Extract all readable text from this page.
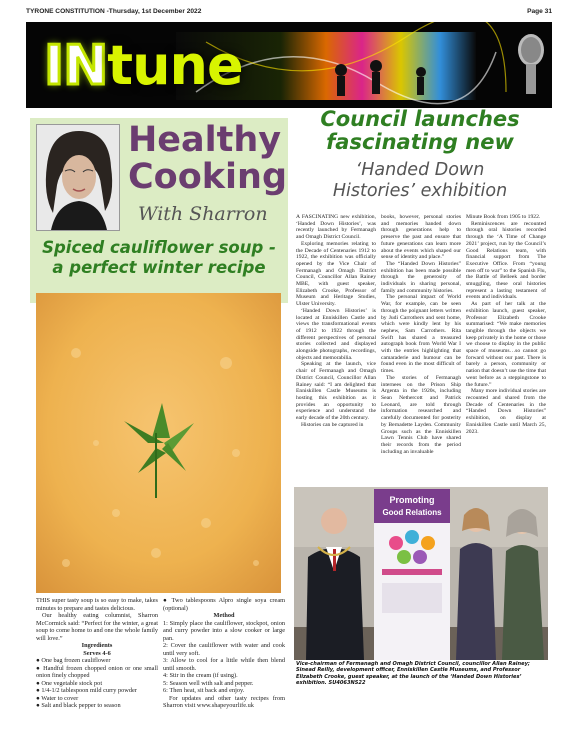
TYRONE CONSTITUTION -Thursday, 1st December 2022	Page 31
INtune
Healthy
Cooking
With Sharron
Spiced cauliflower soup -
a perfect winter recipe

THIS super tasty soup is so easy to make, takes minutes to prepare and tastes delicious.

Our healthy eating columnist, Sharron McCormick said: “Perfect for the winter, a great soup to come home to and one the whole family will love.”

Ingredients

Serves 4-6

● One bag frozen cauliflower

● Handful frozen chopped onion or one small onion finely chopped

● One vegetable stock pot

● 1/4-1/2 tablespoon mild curry powder

● Water to cover

● Salt and black pepper to season

● Two tablespoons Alpro single soya cream (optional)

Method

1: Simply place the cauliflower, stockpot, onion and curry powder into a slow cooker or large pan.

2: Cover the cauliflower with water and cook until very soft.

3: Allow to cool for a little while then blend until smooth.

4: Stir in the cream (if using).

5: Season well with salt and pepper.

6: Then heat, sit back and enjoy.

For updates and other tasty recipes from Sharron visit www.shapeyourlife.uk

Council launches
fascinating new
‘Handed Down
Histories’ exhibition

A FASCINATING new exhibition, ‘Handed Down Histories’, was recently launched by Fermanagh and Omagh District Council.

Exploring memories relating to the Decade of Centenaries 1912 to 1922, the exhibition was officially opened by the Vice Chair of Fermanagh and Omagh District Council, Councillor Allan Rainey MBE, with guest speaker, Elizabeth Crooke, Professor of Museum and Heritage Studies, Ulster University.

‘Handed Down Histories’ is located at Enniskillen Castle and views the transformational events of 1912 to 1922 through the different perspectives of personal stories collected and displayed alongside photographs, recordings, objects and memorabilia.

Speaking at the launch, vice chair of Fermanagh and Omagh District Council, Councillor Allan Rainey said: “I am delighted that Enniskillen Castle Museums is hosting this exhibition as it provides an opportunity to experience and understand the early decade of the 20th century.

Histories can be captured in

books, however, personal stories and memories handed down through generations help to preserve the past and ensure that future generations can learn more about the events which shaped our sense of identity and place.”

The “Handed Down Histories” exhibition has been made possible through the generosity of individuals in sharing personal, family and community histories.

The personal impact of World War, for example, can be seen through the poignant letters written by Judi Carrothers and sent home, which were kindly lent by his nephew, Sam Carrothers. Rita Swift has shared a treasured autograph book from World War I with the entries highlighting that camaraderie and humour can be found even in the most difficult of times.

The stories of Fermanagh internees on the Prison Ship Argenta in the 1920s, including Sean Nethercott and Patrick Leonard, are told through information researched and carefully documented for posterity by Bernadette Layden. Community Groups such as the Enniskillen Lawn Tennis Club have shared their records from the period including an invaluable

Minute Book from 1905 to 1922.

Reminiscences are recounted through oral histories recorded through the ‘A Time of Change 2021’ project, run by the Council’s Good Relations team, with financial support from The Executive Office. From “young men off to war” to the Spanish Flu, the Battle of Belleek and border smuggling, these oral histories represent a lasting testament of events and individuals.

As part of her talk at the exhibition launch, guest speaker, Professor Elizabeth Crooke summarised: “We make memories tangible through the objects we keep privately in the home or those we choose to display in the public space of museums…so cannot go forward without our past. There is barely a person, community or nation that doesn’t use the time that went before as a steppingstone to the future.”

Many more individual stories are recounted and shared from the Decade of Centenaries in the “Handed Down Histories” exhibition, on display at Enniskillen Castle until March 25, 2023.

Promoting
Good Relations
Vice-chairman of Fermanagh and Omagh District Council, councillor Allan Rainey; Sinead Reilly, development officer, Enniskillen Castle Museums, and Professor Elizabeth Crooke, guest speaker, at the launch of the ‘Handed Down Histories’ exhibition. SU4063NS22
